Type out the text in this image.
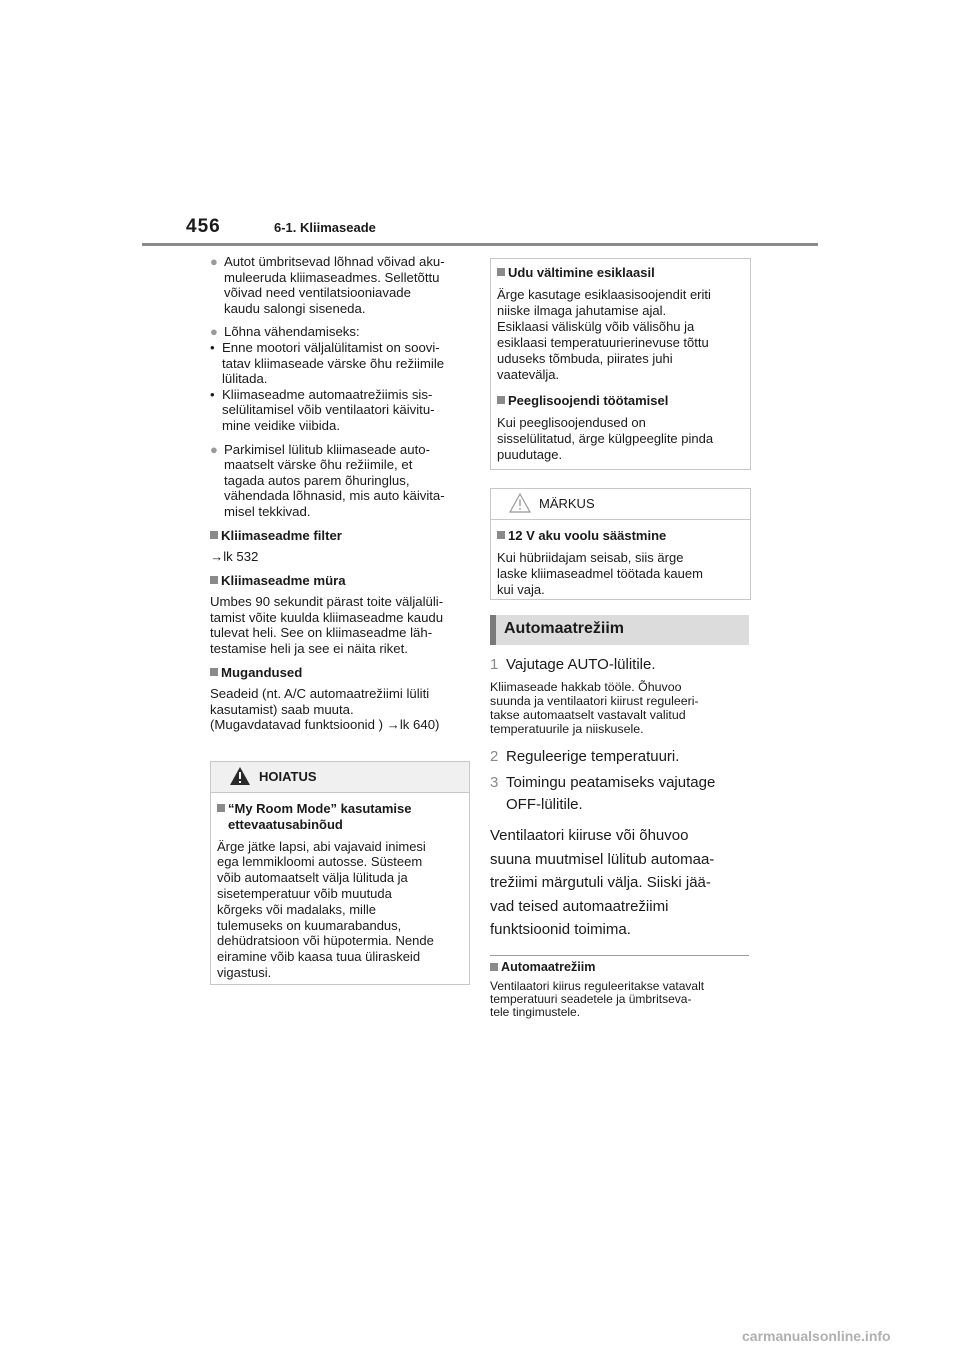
456	6-1. Kliimaseade
● Autot ümbritsevad lõhnad võivad aku-
muleeruda kliimaseadmes. Selletõttu
võivad need ventilatsiooniavade
kaudu salongi siseneda.
● Lõhna vähendamiseks:
• Enne mootori väljalülitamist on soovi-
tatav kliimaseade värske õhu režiimile
lülitada.
• Kliimaseadme automaatrežiimis sis-
selülitamisel võib ventilaatori käivitu-
mine veidike viibida.
● Parkimisel lülitub kliimaseade auto-
maatselt värske õhu režiimile, et
tagada autos parem õhuringlus,
vähendada lõhnasid, mis auto käivita-
misel tekkivad.
Kliimaseadme filter
→lk 532
Kliimaseadme müra
Umbes 90 sekundit pärast toite väljalüli-
tamist võite kuulda kliimaseadme kaudu
tulevat heli. See on kliimaseadme läh-
testamise heli ja see ei näita riket.
Mugandused
Seadeid (nt. A/C automaatrežiimi lüliti
kasutamist) saab muuta.
(Mugavdatavad funktsioonid ) →lk 640)
HOIATUS
“My Room Mode” kasutamise
ettevaatusabinõud
Ärge jätke lapsi, abi vajavaid inimesi
ega lemmikloomi autosse. Süsteem
võib automaatselt välja lülituda ja
sisetemperatuur võib muutuda
kõrgeks või madalaks, mille
tulemuseks on kuumarabandus,
dehüdratsioon või hüpotermia. Nende
eiramine võib kaasa tuua üliraskeid
vigastusi.
Udu vältimine esiklaasil
Ärge kasutage esiklaasisoojendit eriti
niiske ilmaga jahutamise ajal.
Esiklaasi väliskülg võib välisõhu ja
esiklaasi temperatuurierinevuse tõttu
uduseks tõmbuda, piirates juhi
vaatevälja.
Peeglisoojendi töötamisel
Kui peeglisoojendused on
sisselülitatud, ärge külgpeeglite pinda
puudutage.
MÄRKUS
12 V aku voolu säästmine
Kui hübriidajam seisab, siis ärge
laske kliimaseadmel töötada kauem
kui vaja.
Automaatrežiim
1 Vajutage AUTO-lülitile.
Kliimaseade hakkab tööle. Õhuvoo
suunda ja ventilaatori kiirust reguleeri-
takse automaatselt vastavalt valitud
temperatuurile ja niiskusele.
2 Reguleerige temperatuuri.
3 Toimingu peatamiseks vajutage
OFF-lülitile.
Ventilaatori kiiruse või õhuvoo
suuna muutmisel lülitub automaa-
trežiimi märgutuli välja. Siiski jää-
vad teised automaatrežiimi
funktsioonid toimima.
Automaatrežiim
Ventilaatori kiirus reguleeritakse vatavalt
temperatuuri seadetele ja ümbritseva-
tele tingimustele.
carmanualsonline.info
